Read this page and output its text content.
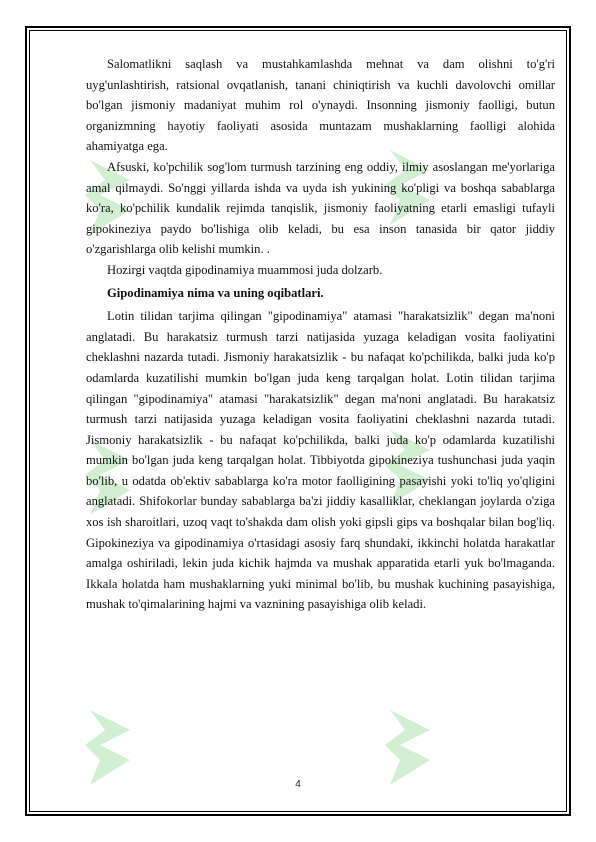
Salomatlikni saqlash va mustahkamlashda mehnat va dam olishni to'g'ri uyg'unlashtirish, ratsional ovqatlanish, tanani chiniqtirish va kuchli davolovchi omillar bo'lgan jismoniy madaniyat muhim rol o'ynaydi. Insonning jismoniy faolligi, butun organizmning hayotiy faoliyati asosida muntazam mushaklarning faolligi alohida ahamiyatga ega.

Afsuski, ko'pchilik sog'lom turmush tarzining eng oddiy, ilmiy asoslangan me'yorlariga amal qilmaydi. So'nggi yillarda ishda va uyda ish yukining ko'pligi va boshqa sabablarga ko'ra, ko'pchilik kundalik rejimda tanqislik, jismoniy faoliyatning etarli emasligi tufayli gipokineziya paydo bo'lishiga olib keladi, bu esa inson tanasida bir qator jiddiy o'zgarishlarga olib kelishi mumkin. .

Hozirgi vaqtda gipodinamiya muammosi juda dolzarb.

Gipodinamiya nima va uning oqibatlari.

Lotin tilidan tarjima qilingan "gipodinamiya" atamasi "harakatsizlik" degan ma'noni anglatadi. Bu harakatsiz turmush tarzi natijasida yuzaga keladigan vosita faoliyatini cheklashni nazarda tutadi. Jismoniy harakatsizlik - bu nafaqat ko'pchilikda, balki juda ko'p odamlarda kuzatilishi mumkin bo'lgan juda keng tarqalgan holat. Lotin tilidan tarjima qilingan "gipodinamiya" atamasi "harakatsizlik" degan ma'noni anglatadi. Bu harakatsiz turmush tarzi natijasida yuzaga keladigan vosita faoliyatini cheklashni nazarda tutadi. Jismoniy harakatsizlik - bu nafaqat ko'pchilikda, balki juda ko'p odamlarda kuzatilishi mumkin bo'lgan juda keng tarqalgan holat. Tibbiyotda gipokineziya tushunchasi juda yaqin bo'lib, u odatda ob'ektiv sabablarga ko'ra motor faolligining pasayishi yoki to'liq yo'qligini anglatadi. Shifokorlar bunday sabablarga ba'zi jiddiy kasalliklar, cheklangan joylarda o'ziga xos ish sharoitlari, uzoq vaqt to'shakda dam olish yoki gipsli gips va boshqalar bilan bog'liq. Gipokineziya va gipodinamiya o'rtasidagi asosiy farq shundaki, ikkinchi holatda harakatlar amalga oshiriladi, lekin juda kichik hajmda va mushak apparatida etarli yuk bo'lmaganda. Ikkala holatda ham mushaklarning yuki minimal bo'lib, bu mushak kuchining pasayishiga, mushak to'qimalarining hajmi va vaznining pasayishiga olib keladi.

4
